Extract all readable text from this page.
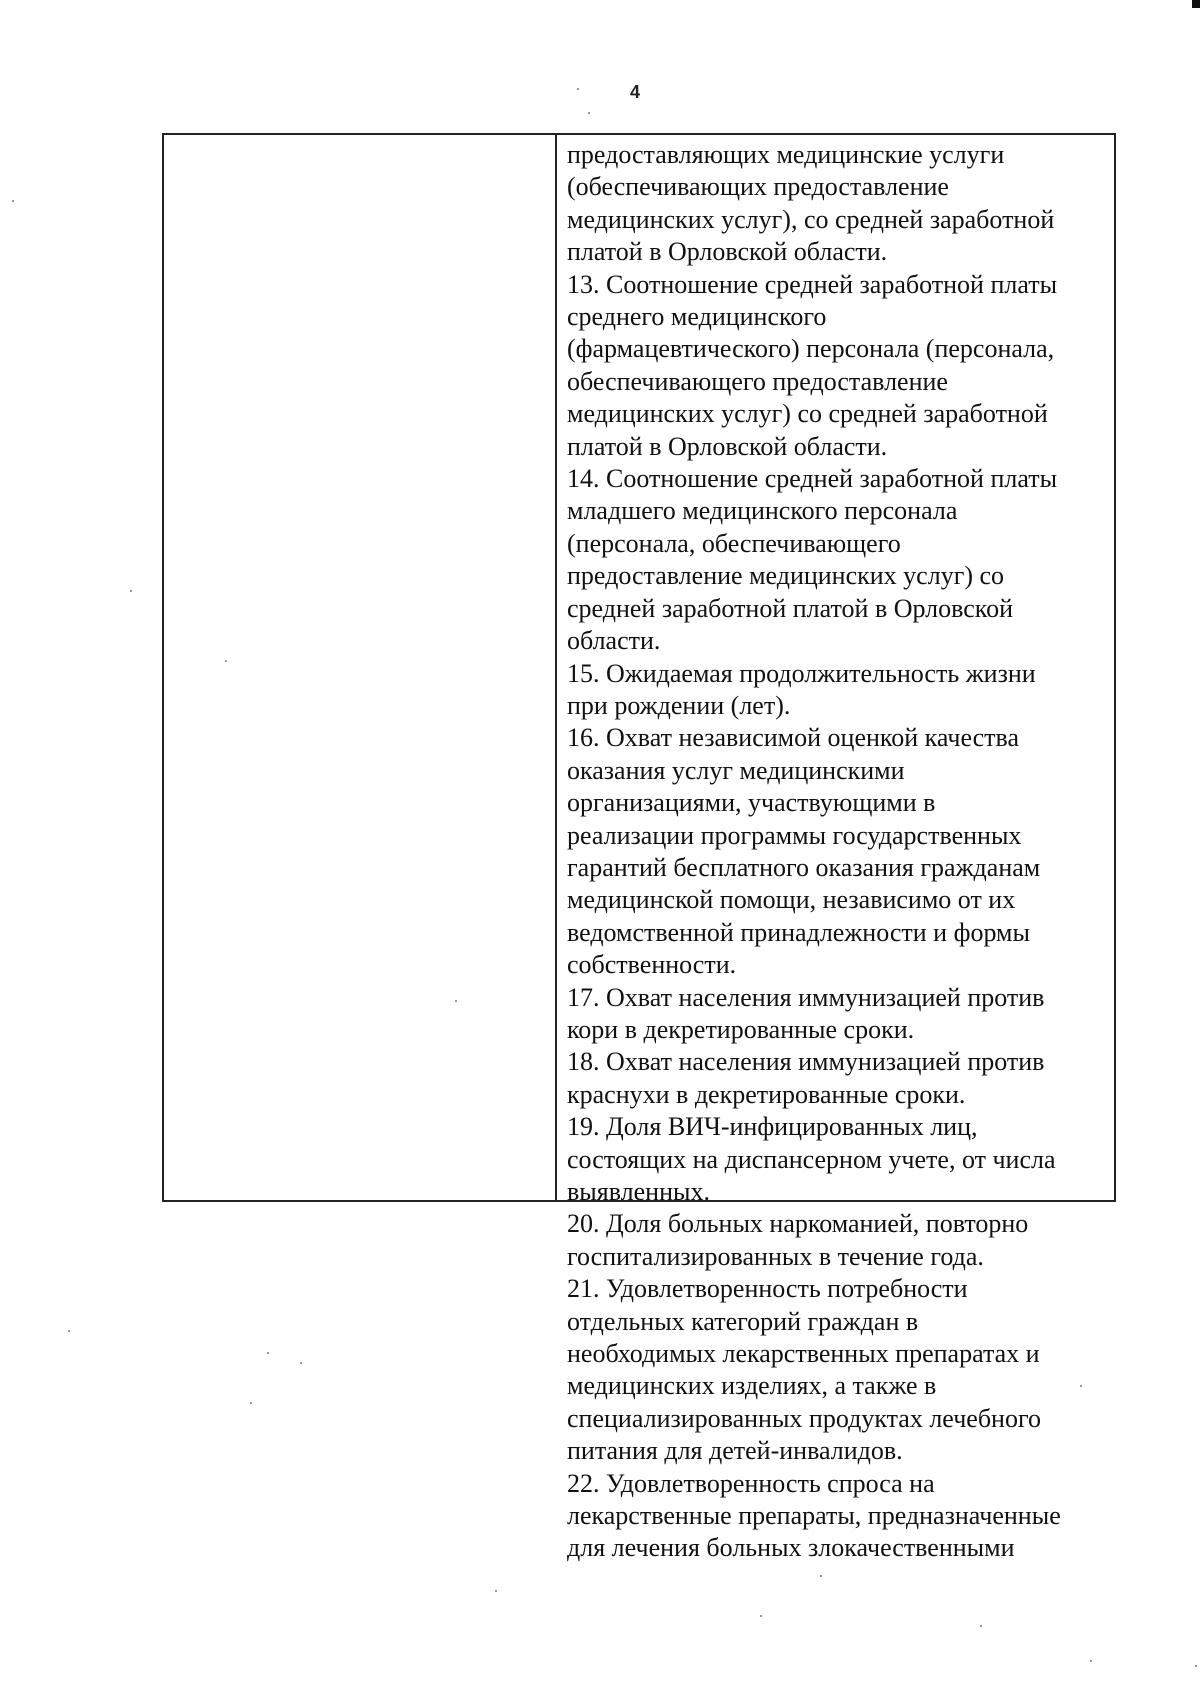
4

предоставляющих медицинские услуги
(обеспечивающих предоставление
медицинских услуг), со средней заработной
платой в Орловской области.

13. Соотношение средней заработной платы
среднего медицинского
(фармацевтического) персонала (персонала,
обеспечивающего предоставление
медицинских услуг) со средней заработной
платой в Орловской области.

14. Соотношение средней заработной платы
младшего медицинского персонала
(персонала, обеспечивающего
предоставление медицинских услуг) со
средней заработной платой в Орловской
области.

15. Ожидаемая продолжительность жизни
при рождении (лет).

16. Охват независимой оценкой качества
оказания услуг медицинскими
организациями, участвующими в
реализации программы государственных
гарантий бесплатного оказания гражданам
медицинской помощи, независимо от их
ведомственной принадлежности и формы
собственности.

17. Охват населения иммунизацией против
кори в декретированные сроки.

18. Охват населения иммунизацией против
краснухи в декретированные сроки.

19. Доля ВИЧ-инфицированных лиц,
состоящих на диспансерном учете, от числа
выявленных.

20. Доля больных наркоманией, повторно
госпитализированных в течение года.

21. Удовлетворенность потребности
отдельных категорий граждан в
необходимых лекарственных препаратах и
медицинских изделиях, а также в
специализированных продуктах лечебного
питания для детей-инвалидов.

22. Удовлетворенность спроса на
лекарственные препараты, предназначенные
для лечения больных злокачественными
